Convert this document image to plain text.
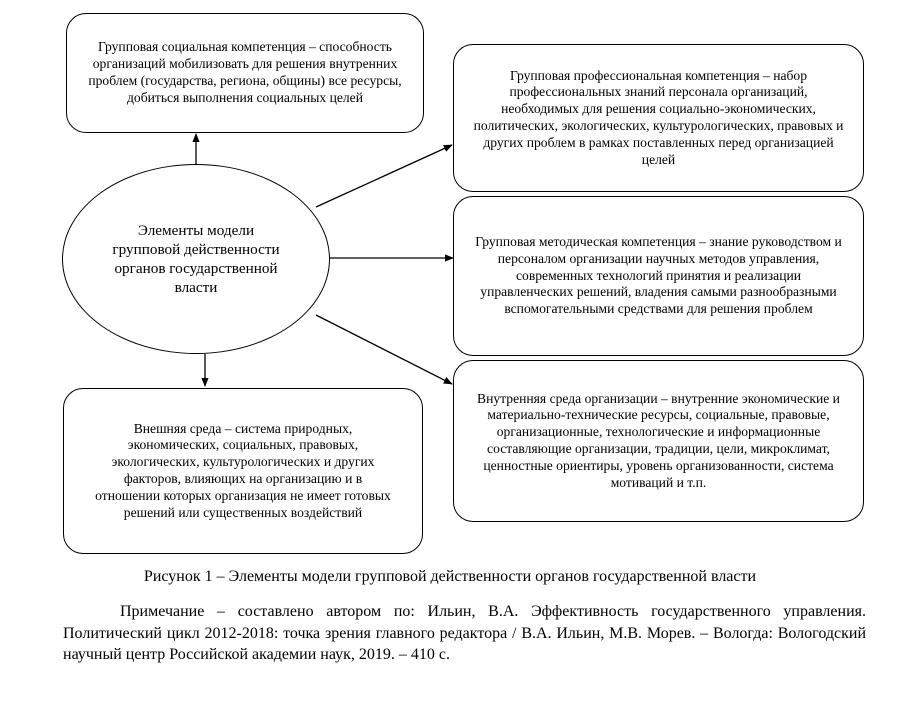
Групповая социальная компетенция – способность организаций мобилизовать для решения внутренних проблем (государства, региона, общины) все ресурсы, добиться выполнения социальных целей
Групповая профессиональная компетенция – набор профессиональных знаний персонала организаций, необходимых для решения социально-экономических, политических, экологических, культурологических, правовых и других проблем в рамках поставленных перед организацией целей
Групповая методическая компетенция – знание руководством и персоналом организации научных методов управления, современных технологий принятия и реализации управленческих решений, владения самыми разнообразными вспомогательными средствами для решения проблем
Внутренняя среда организации – внутренние экономические и материально-технические ресурсы, социальные, правовые, организационные, технологические и информационные составляющие организации, традиции, цели, микроклимат, ценностные ориентиры, уровень организованности, система мотиваций и т.п.
Внешняя среда – система природных, экономических, социальных, правовых, экологических, культурологических и других факторов, влияющих на организацию и в отношении которых организация не имеет готовых решений или существенных воздействий
Элементы модели групповой действенности органов государственной власти
Рисунок 1 – Элементы модели групповой действенности органов государственной власти
Примечание – составлено автором по: Ильин, В.А. Эффективность государственного управления. Политический цикл 2012-2018: точка зрения главного редактора / В.А. Ильин, М.В. Морев. – Вологда: Вологодский научный центр Российской академии наук, 2019. – 410 с.
